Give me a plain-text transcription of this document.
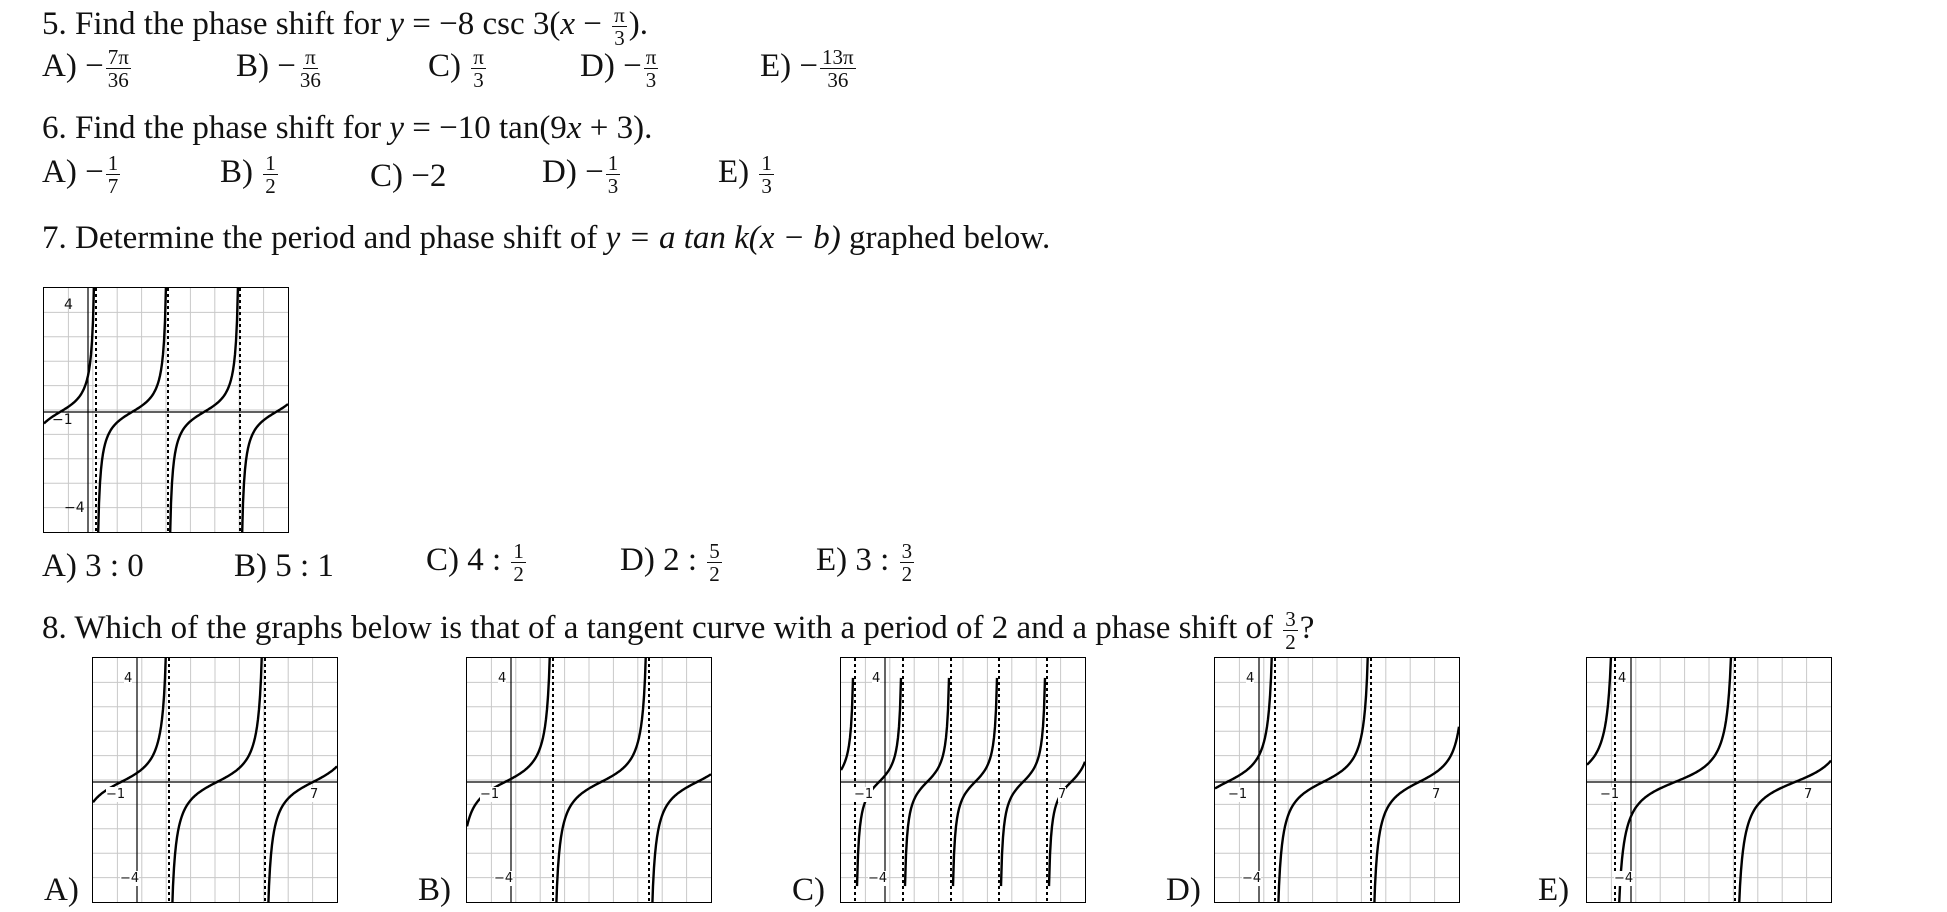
5. Find the phase shift for y = −8 $\csc 3(x - \frac{\pi}{3}$ ).
$A) - \frac{7\pi}{36}$	$B) - \frac{\pi}{36}$	$C) \frac{\pi}{3}$	$D) - \frac{\pi}{3}$	$E) - \frac{13\pi}{36}$
6. Find the phase shift for y = −10 tan(9x + 3).
$A) - \frac{1}{7}$	$B) \frac{1}{2}$	C) −2	$D) - \frac{1}{3}$	$E) \frac{1}{3}$
7. Determine the period and phase shift of y = a tan k(x − b) graphed below.
4
−1
−4
A) 3 : 0	B) 5 : 1	C) 4 : $\frac{1}{2}$	D) 2 : $\frac{5}{2}$	E) 3 : $\frac{3}{2}$
8. Which of the graphs below is that of a tangent curve with a period of 2 and a phase shift of $\frac{3}{2}$ ?
A)
4
−1	7
−4	B)
4
−1
−4	C)
4
−1	7
−4	D)
4
−1	7
−4	E)
4
−1	7
−4
